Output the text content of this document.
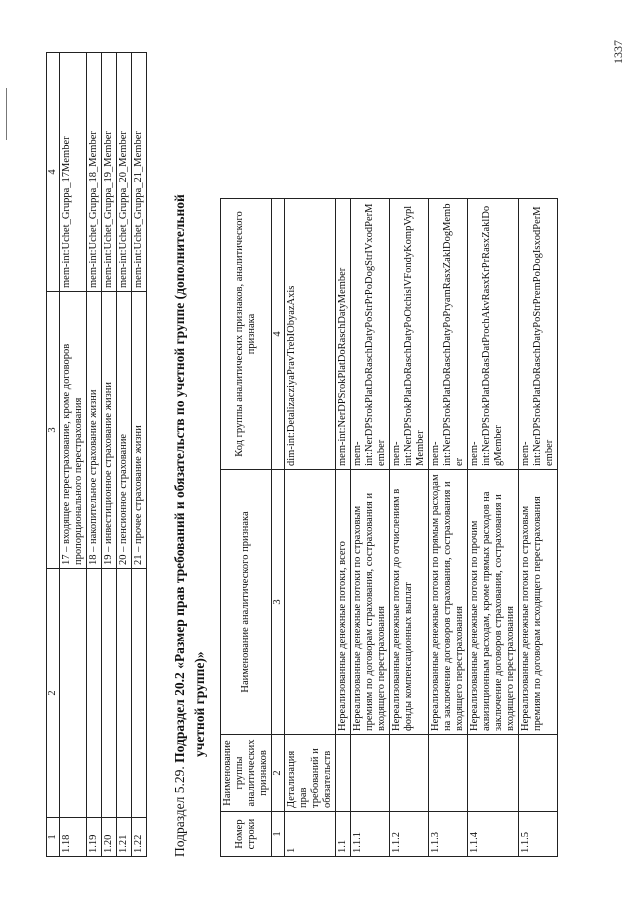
1337
1	2	3	4
1.18		17 – входящее перестрахование, кроме договоров пропорционального перестрахования	mem-int:Uchet_Gruppa_17Member
1.19		18 – накопительное страхование жизни	mem-int:Uchet_Gruppa_18_Member
1.20		19 – инвестиционное страхование жизни	mem-int:Uchet_Gruppa_19_Member
1.21		20 – пенсионное страхование	mem-int:Uchet_Gruppa_20_Member
1.22		21 – прочее страхование жизни	mem-int:Uchet_Gruppa_21_Member
Подраздел 5.29. Подраздел 20.2 «Размер прав требований и обязательств по учетной группе (дополнительной учетной группе)»
Номер строки	Наименование группы аналитических признаков	Наименование аналитического признака	Код группы аналитических признаков, аналитического признака	
1	2	3	4	
1	Детализация прав требований и обязательств		dim-int:DetalizacziyaPravTrebIObyazAxis	
1.1		Нереализованные денежные потоки, всего	mem-int:NerDPSrokPlatDoRaschDatyMember	
1.1.1		Нереализованные денежные потоки по страховым премиям по договорам страхования, сострахования и входящего перестрахования	mem-int:NerDPSrokPlatDoRaschDatyPoStrPrPoDogStrIVxodPerMember	
1.1.2		Нереализованные денежные потоки до отчислениям в фонды компенсационных выплат	mem-int:NerDPSrokPlatDoRaschDatyPoOtchislVFondyKompVyplMember	
1.1.3		Нереализованные денежные потоки по прямым расходам на заключение договоров страхования, сострахования и входящего перестрахования	mem-int:NerDPSrokPlatDoRaschDatyPoPryamRasxZaklDogMember	
1.1.4		Нереализованные денежные потоки по прочим аквизиционным расходам, кроме прямых расходов на заключение договоров страхования, сострахования и входящего перестрахования	mem-int:NerDPSrokPlatDoRasDatProchAkvRasxKrPrRasxZaklDogMember	
1.1.5		Нереализованные денежные потоки по страховым премиям по договорам исходящего перестрахования	mem-int:NerDPSrokPlatDoRaschDatyPoStrPremPoDogIsxodPerMember	
